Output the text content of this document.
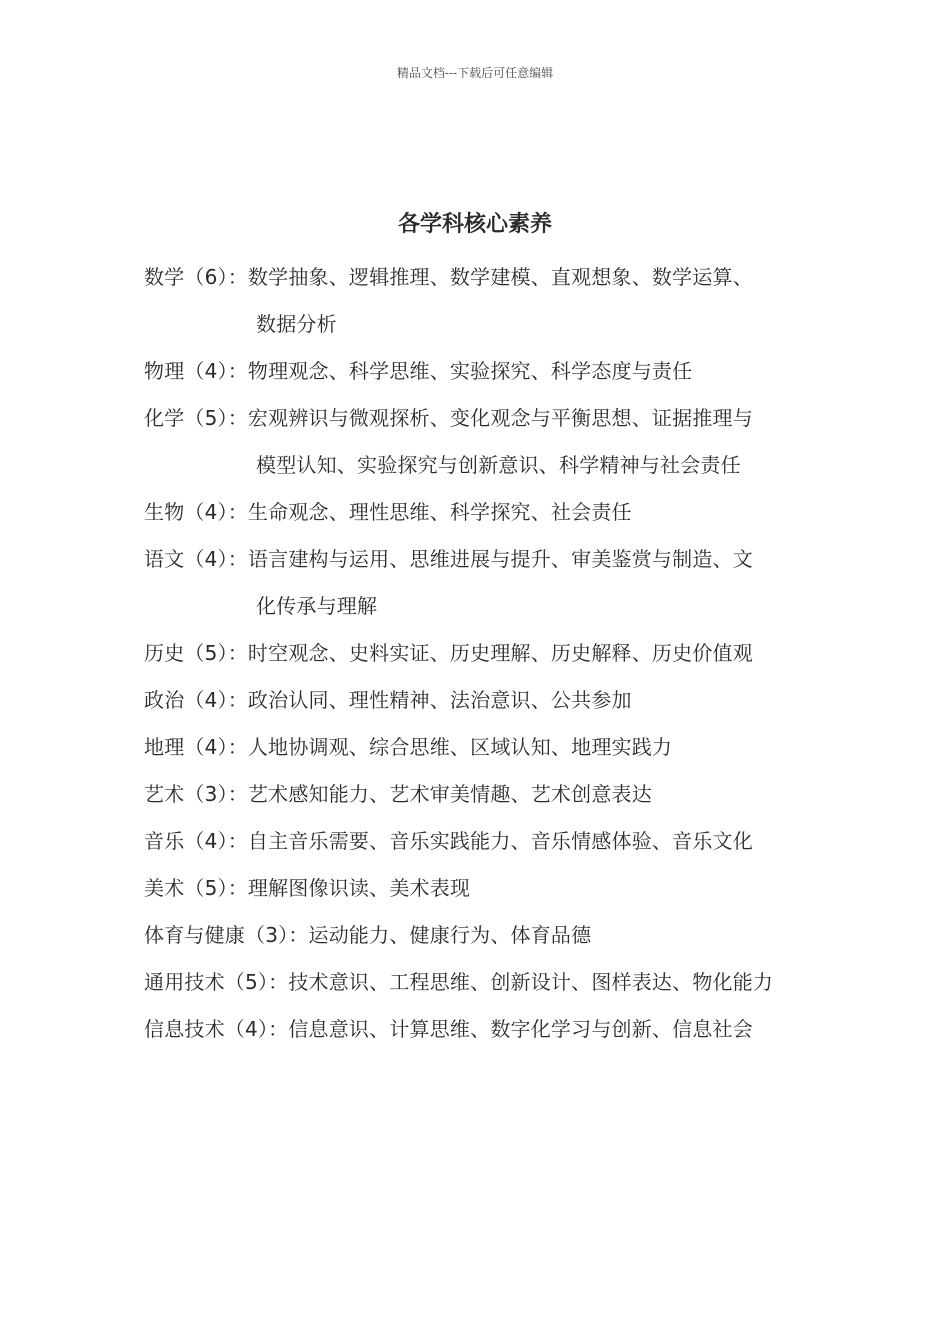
精品文档---下载后可任意编辑
各学科核心素养
数学（6）：数学抽象、逻辑推理、数学建模、直观想象、数学运算、
数据分析
物理（4）：物理观念、科学思维、实验探究、科学态度与责任
化学（5）：宏观辨识与微观探析、变化观念与平衡思想、证据推理与
模型认知、实验探究与创新意识、科学精神与社会责任
生物（4）：生命观念、理性思维、科学探究、社会责任
语文（4）：语言建构与运用、思维进展与提升、审美鉴赏与制造、文
化传承与理解
历史（5）：时空观念、史料实证、历史理解、历史解释、历史价值观
政治（4）：政治认同、理性精神、法治意识、公共参加
地理（4）：人地协调观、综合思维、区域认知、地理实践力
艺术（3）：艺术感知能力、艺术审美情趣、艺术创意表达
音乐（4）：自主音乐需要、音乐实践能力、音乐情感体验、音乐文化
美术（5）：理解图像识读、美术表现
体育与健康（3）：运动能力、健康行为、体育品德
通用技术（5）：技术意识、工程思维、创新设计、图样表达、物化能力
信息技术（4）：信息意识、计算思维、数字化学习与创新、信息社会
